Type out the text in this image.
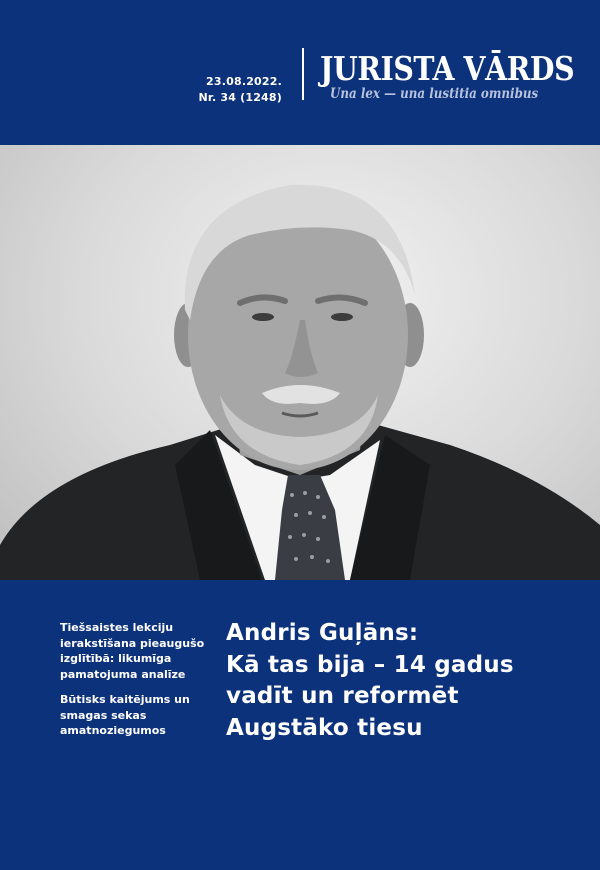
23.08.2022.
Nr. 34 (1248)
JURISTA VĀRDS
Una lex — una lustitia omnibus
Tiešsaistes lekciju ierakstīšana pieaugušo izglītībā: likumīga pamatojuma analīze
Būtisks kaitējums un smagas sekas amatnoziegumos
Andris Guļāns:
Kā tas bija – 14 gadus
vadīt un reformēt
Augstāko tiesu
